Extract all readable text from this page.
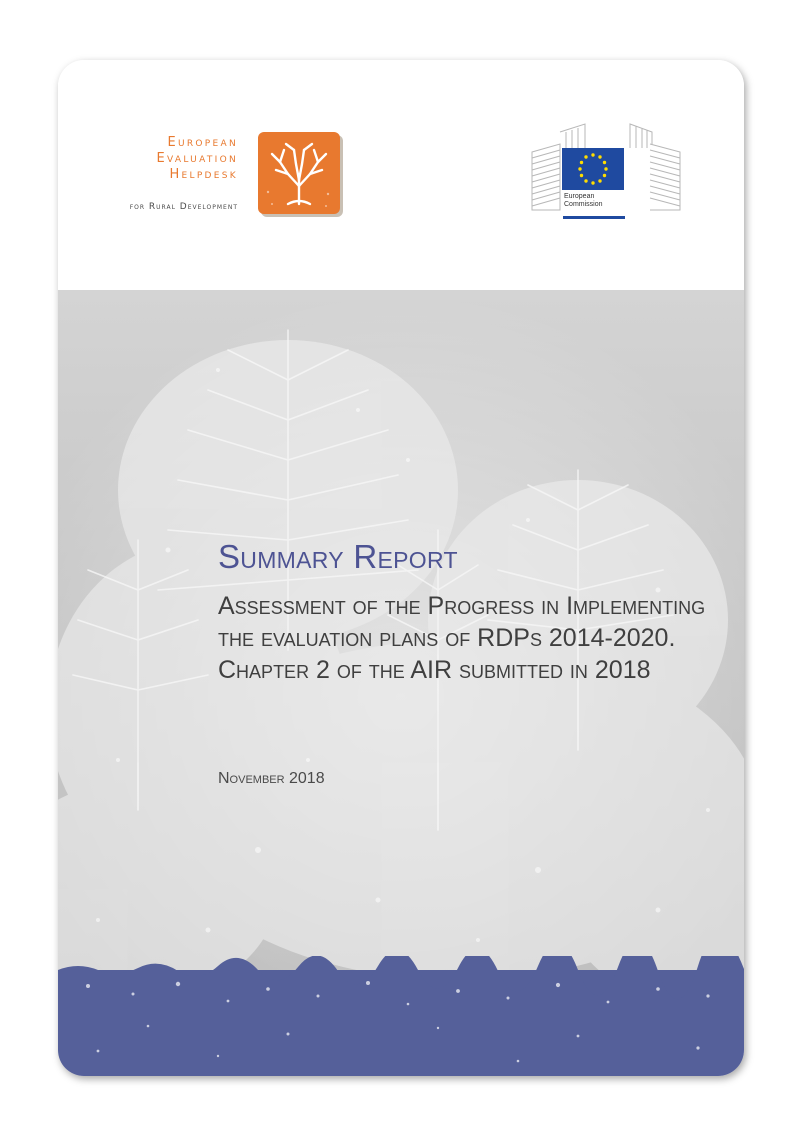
European
Evaluation
Helpdesk
for Rural Development
European
Commission
Summary Report
Assessment of the Progress in Implementing the evaluation plans of RDPs 2014-2020. Chapter 2 of the AIR submitted in 2018
November 2018
